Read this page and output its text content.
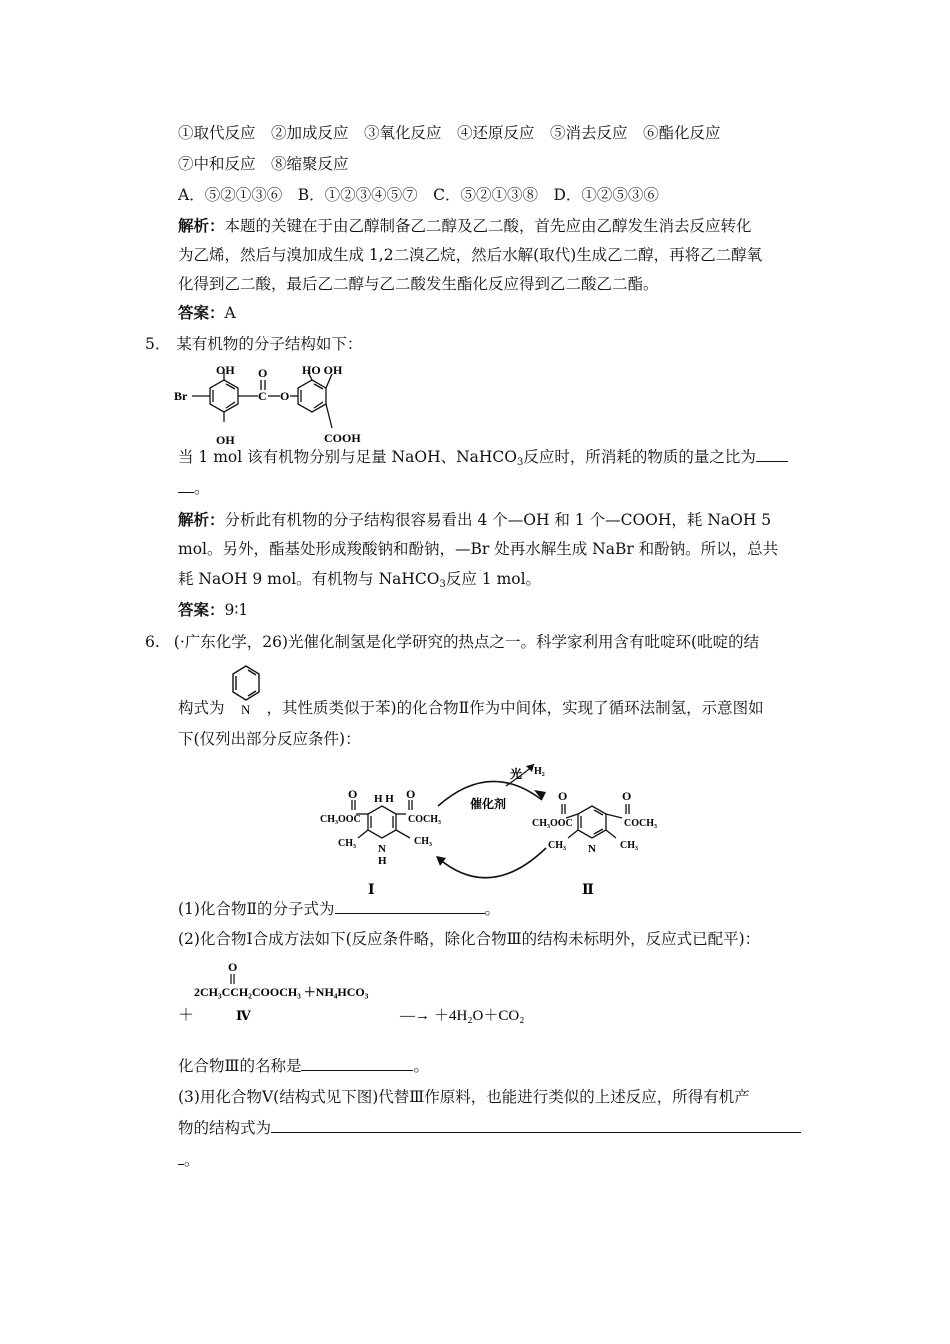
①取代反应　②加成反应　③氧化反应　④还原反应　⑤消去反应　⑥酯化反应
⑦中和反应　⑧缩聚反应
A．⑤②①③⑥　B．①②③④⑤⑦　C．⑤②①③⑧　D．①②⑤③⑥
解析：本题的关键在于由乙醇制备乙二醇及乙二酸，首先应由乙醇发生消去反应转化
为乙烯，然后与溴加成生成 1,2二溴乙烷，然后水解(取代)生成乙二醇，再将乙二醇氧
化得到乙二酸，最后乙二醇与乙二酸发生酯化反应得到乙二酸乙二酯。
答案：A
5． 某有机物的分子结构如下：
OH
Br
OH
O
C O
HO OH
COOH
当 1 mol 该有机物分别与足量 NaOH、NaHCO$_3$反应时，所消耗的物质的量之比为
。
解析：分析此有机物的分子结构很容易看出 4 个—OH 和 1 个—COOH，耗 NaOH 5
mol。另外，酯基处形成羧酸钠和酚钠，—Br 处再水解生成 NaBr 和酚钠。所以，总共
耗 NaOH 9 mol。有机物与 NaHCO$_3$反应 1 mol。
答案：9∶1
6. (·广东化学，26)光催化制氢是化学研究的热点之一。科学家利用含有吡啶环(吡啶的结
构式为	，其性质类似于苯)的化合物Ⅱ作为中间体，实现了循环法制氢，示意图如
N
下(仅列出部分反应条件)：
光
催化剂
H₂
O	O
H H
CH₃OOC	COCH₃
CH₃	CH₃
N
H
O	O
CH₃OOC	COCH₃
CH₃	CH₃
N
Ⅰ	Ⅱ
(1)化合物Ⅱ的分子式为	。
(2)化合物Ⅰ合成方法如下(反应条件略，除化合物Ⅲ的结构未标明外，反应式已配平)：
O
2CH₃CCH₂COOCH₃ ＋NH₄HCO₃
＋	Ⅳ	—→ ＋4H₂O＋CO₂
化合物Ⅲ的名称是	。
(3)用化合物Ⅴ(结构式见下图)代替Ⅲ作原料，也能进行类似的上述反应，所得有机产
物的结构式为
。
